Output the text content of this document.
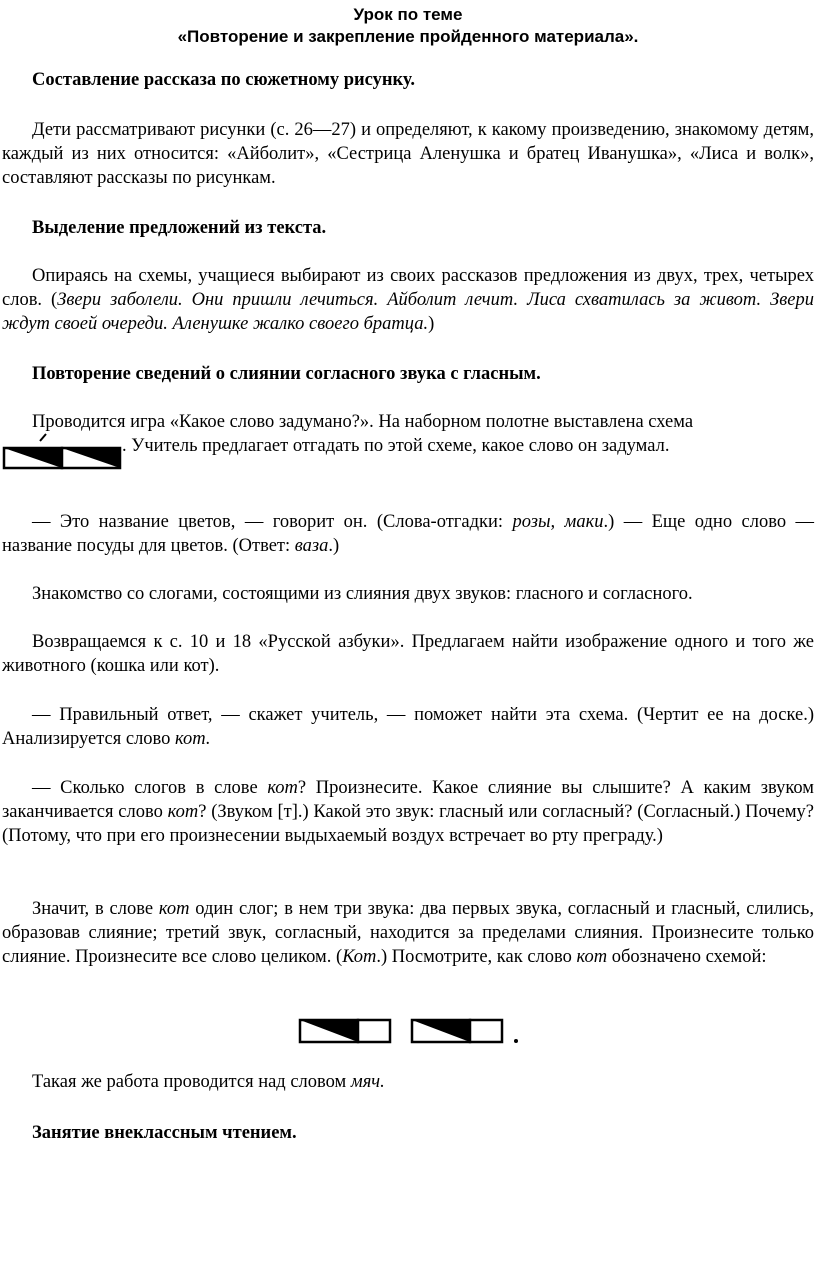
Урок по теме
«Повторение и закрепление пройденного материала».
Составление рассказа по сюжетному рисунку.

Дети рассматривают рисунки (с. 26—27) и определяют, к какому произведению, знакомому детям, каждый из них относится: «Айболит», «Сестрица Аленушка и братец Иванушка», «Лиса и волк», составляют рассказы по рисункам.

Выделение предложений из текста.

Опираясь на схемы, учащиеся выбирают из своих рассказов предложения из двух, трех, четырех слов. (Звери заболели. Они пришли лечиться. Айболит лечит. Лиса схватилась за живот. Звери ждут своей очереди. Аленушке жалко своего братца.)

Повторение сведений о слиянии согласного звука с гласным.

Проводится игра «Какое слово задумано?». На наборном полотне выставлена схема
. Учитель предлагает отгадать по этой схеме, какое слово он задумал.

— Это название цветов, — говорит он. (Слова-отгадки: розы, маки.) — Еще одно слово — название посуды для цветов. (Ответ: ваза.)

Знакомство со слогами, состоящими из слияния двух звуков: гласного и согласного.

Возвращаемся к с. 10 и 18 «Русской азбуки». Предлагаем найти изображение одного и того же животного (кошка или кот).

— Правильный ответ, — скажет учитель, — поможет найти эта схема. (Чертит ее на доске.) Анализируется слово кот.

— Сколько слогов в слове кот? Произнесите. Какое слияние вы слышите? А каким звуком заканчивается слово кот? (Звуком [т].) Какой это звук: гласный или согласный? (Согласный.) Почему? (Потому, что при его произнесении выдыхаемый воздух встречает во рту преграду.)

Значит, в слове кот один слог; в нем три звука: два первых звука, согласный и гласный, слились, образовав слияние; третий звук, согласный, находится за пределами слияния. Произнесите только слияние. Произнесите все слово целиком. (Кот.) Посмотрите, как слово кот обозначено схемой:

Такая же работа проводится над словом мяч.

Занятие внеклассным чтением.
